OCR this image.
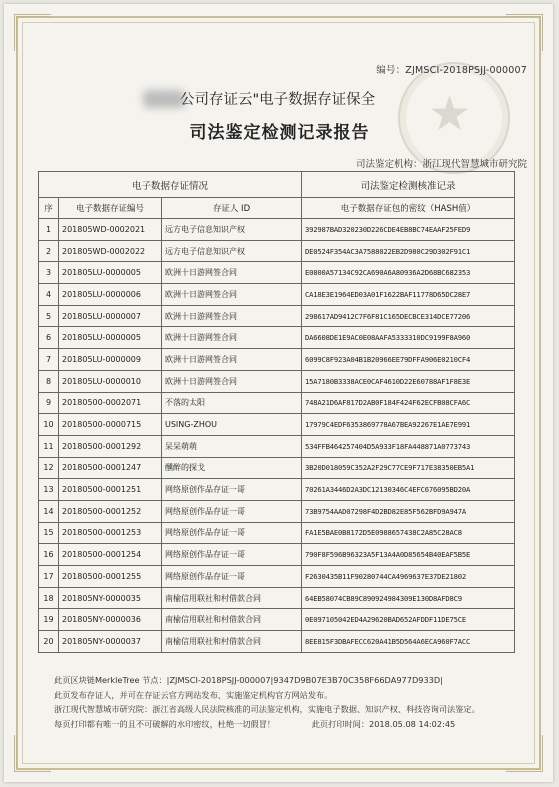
★
编号：ZJMSCI-2018PSJJ-000007
公司存证云"电子数据存证保全
司法鉴定检测记录报告
司法鉴定机构：浙江现代智慧城市研究院
电子数据存证情况			司法鉴定检测核准记录
序	电子数据存证编号	存证人 ID	电子数据存证包的密纹（HASH值）
1	201805WD-0002021	远方电子信息知识产权	392987BAD320230D226CDE4EB8BC74EAAF25FED9
2	201805WD-0002022	远方电子信息知识产权	DE0524F354AC3A7588022EB2D980C29D302F91C1
3	201805LU-0000005	欧洲十日游网签合同	E0800A57134C92CA690A6A80936A2D68BC682353
4	201805LU-0000006	欧洲十日游网签合同	CA18E3E1964ED03A01F1622BAF11778D65DC28E7
5	201805LU-0000007	欧洲十日游网签合同	298617AD9412C7F6F81C165DECBCE314DCE77206
6	201805LU-0000005	欧洲十日游网签合同	DA6608DE1E9AC0E08AAFA5333310DC9199F8A960
7	201805LU-0000009	欧洲十日游网签合同	6099C8F923A04B1B20966EE79DFFA906E0210CF4
8	201805LU-0000010	欧洲十日游网签合同	15A7180B3338ACE0CAF4610D22E60788AF1F8E3E
9	20180500-0002071	不落的太阳	748A21D6AF817D2AB0F184F424F62ECFB08CFA6C
10	20180500-0000715	USING-ZHOU	17979C4EDF6353869778A67BEA92267E1AE7E991
11	20180500-0001292	呆呆萌萌	534FFB464257404D5A933F18FA448871A0773743
12	20180500-0001247	醺醉的探戈	3B20D018059C352A2F29C77CE9F717E38350EB5A1
13	20180500-0001251	网络原创作品存证一哥	70261A3446D2A3DC12130346C4EFC676095BD20A
14	20180500-0001252	网络原创作品存证一哥	73B9754AAD07298F4D2BD82E85F562BFD9A947A
15	20180500-0001253	网络原创作品存证一哥	FA1E5BAE0B8172D5E0988657438C2A85C28AC8
16	20180500-0001254	网络原创作品存证一哥	790F8F596B96323A5F13A4A0D85654B40EAF5B5E
17	20180500-0001255	网络原创作品存证一哥	F2630435B11F90280744CA4969637E37DE21802
18	201805NY-0000035	南榆信用联社和村借款合同	64EB58074CB89C890924984309E130D8AFD8C9
19	201805NY-0000036	南榆信用联社和村借款合同	0E097105042ED4A29620BAD652AFDDF11DE75CE
20	201805NY-0000037	南榆信用联社和村借款合同	8EE815F3DBAFECC620A41B5D564A6ECA960F7ACC
此页区块链MerkleTree 节点：|ZJMSCI-2018PSJJ-000007|9347D9B07E3B70C358F66DA977D933D|
此页发布存证人，并可在存证云官方网站发布、实施鉴定机构官方网站发布。
浙江现代智慧城市研究院：浙江省高级人民法院核准的司法鉴定机构，实施电子数据、知识产权、科技咨询司法鉴定。
每页打印都有唯一的且不可破解的水印密纹，杜绝一切假冒！	此页打印时间：2018.05.08 14:02:45
